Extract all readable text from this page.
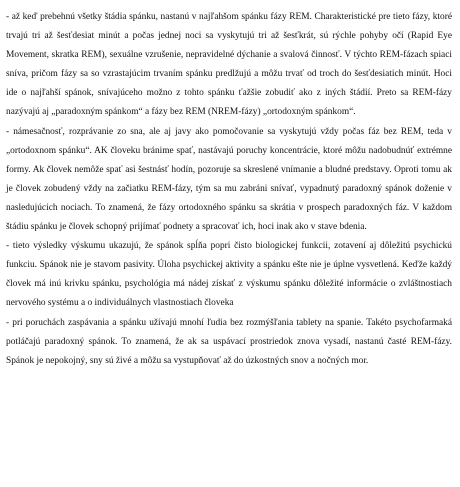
- až keď prebehnú všetky štádia spánku, nastanú v najľahšom spánku fázy REM. Charakteristické pre tieto fázy, ktoré trvajú tri až šesťdesiat minút a počas jednej noci sa vyskytujú tri až šesťkrát, sú rýchle pohyby očí (Rapid Eye Movement, skratka REM), sexuálne vzrušenie, nepravidelné dýchanie a svalová činnosť. V týchto REM-fázach spiaci sníva, pričom fázy sa so vzrastajúcim trvaním spánku predlžujú a môžu trvať od troch do šesťdesiatich minút. Hoci ide o najľahší spánok, snívajúceho možno z tohto spánku ťažšie zobudiť ako z iných štádií. Preto sa REM-fázy nazývajú aj „paradoxným spánkom“ a fázy bez REM (NREM-fázy) „ortodoxným spánkom“.

- námesačnosť, rozprávanie zo sna, ale aj javy ako pomočovanie sa vyskytujú vždy počas fáz bez REM, teda v „ortodoxnom spánku“. AK človeku bránime spať, nastávajú poruchy koncentrácie, ktoré môžu nadobudnúť extrémne formy. Ak človek nemôže spať asi šestnásť hodín, pozoruje sa skreslené vnímanie a bludné predstavy. Oproti tomu ak je človek zobudený vždy na začiatku REM-fázy, tým sa mu zabráni snívať, vypadnutý paradoxný spánok doženie v nasledujúcich nociach. To znamená, že fázy ortodoxného spánku sa skrátia v prospech paradoxných fáz. V každom štádiu spánku je človek schopný prijímať podnety a spracovať ich, hoci inak ako v stave bdenia.

- tieto výsledky výskumu ukazujú, že spánok spĺňa popri čisto biologickej funkcii, zotavení aj dôležitú psychickú funkciu. Spánok nie je stavom pasivity. Úloha psychickej aktivity a spánku ešte nie je úplne vysvetlená. Keďže každý človek má inú krivku spánku, psychológia má nádej získať z výskumu spánku dôležité informácie o zvláštnostiach nervového systému a o individuálnych vlastnostiach človeka

- pri poruchách zaspávania a spánku užívajú mnohí ľudia bez rozmýšľania tablety na spanie. Takéto psychofarmaká potláčajú paradoxný spánok. To znamená, že ak sa uspávací prostriedok znova vysadí, nastanú časté REM-fázy. Spánok je nepokojný, sny sú živé a môžu sa vystupňovať až do úzkostných snov a nočných mor.
